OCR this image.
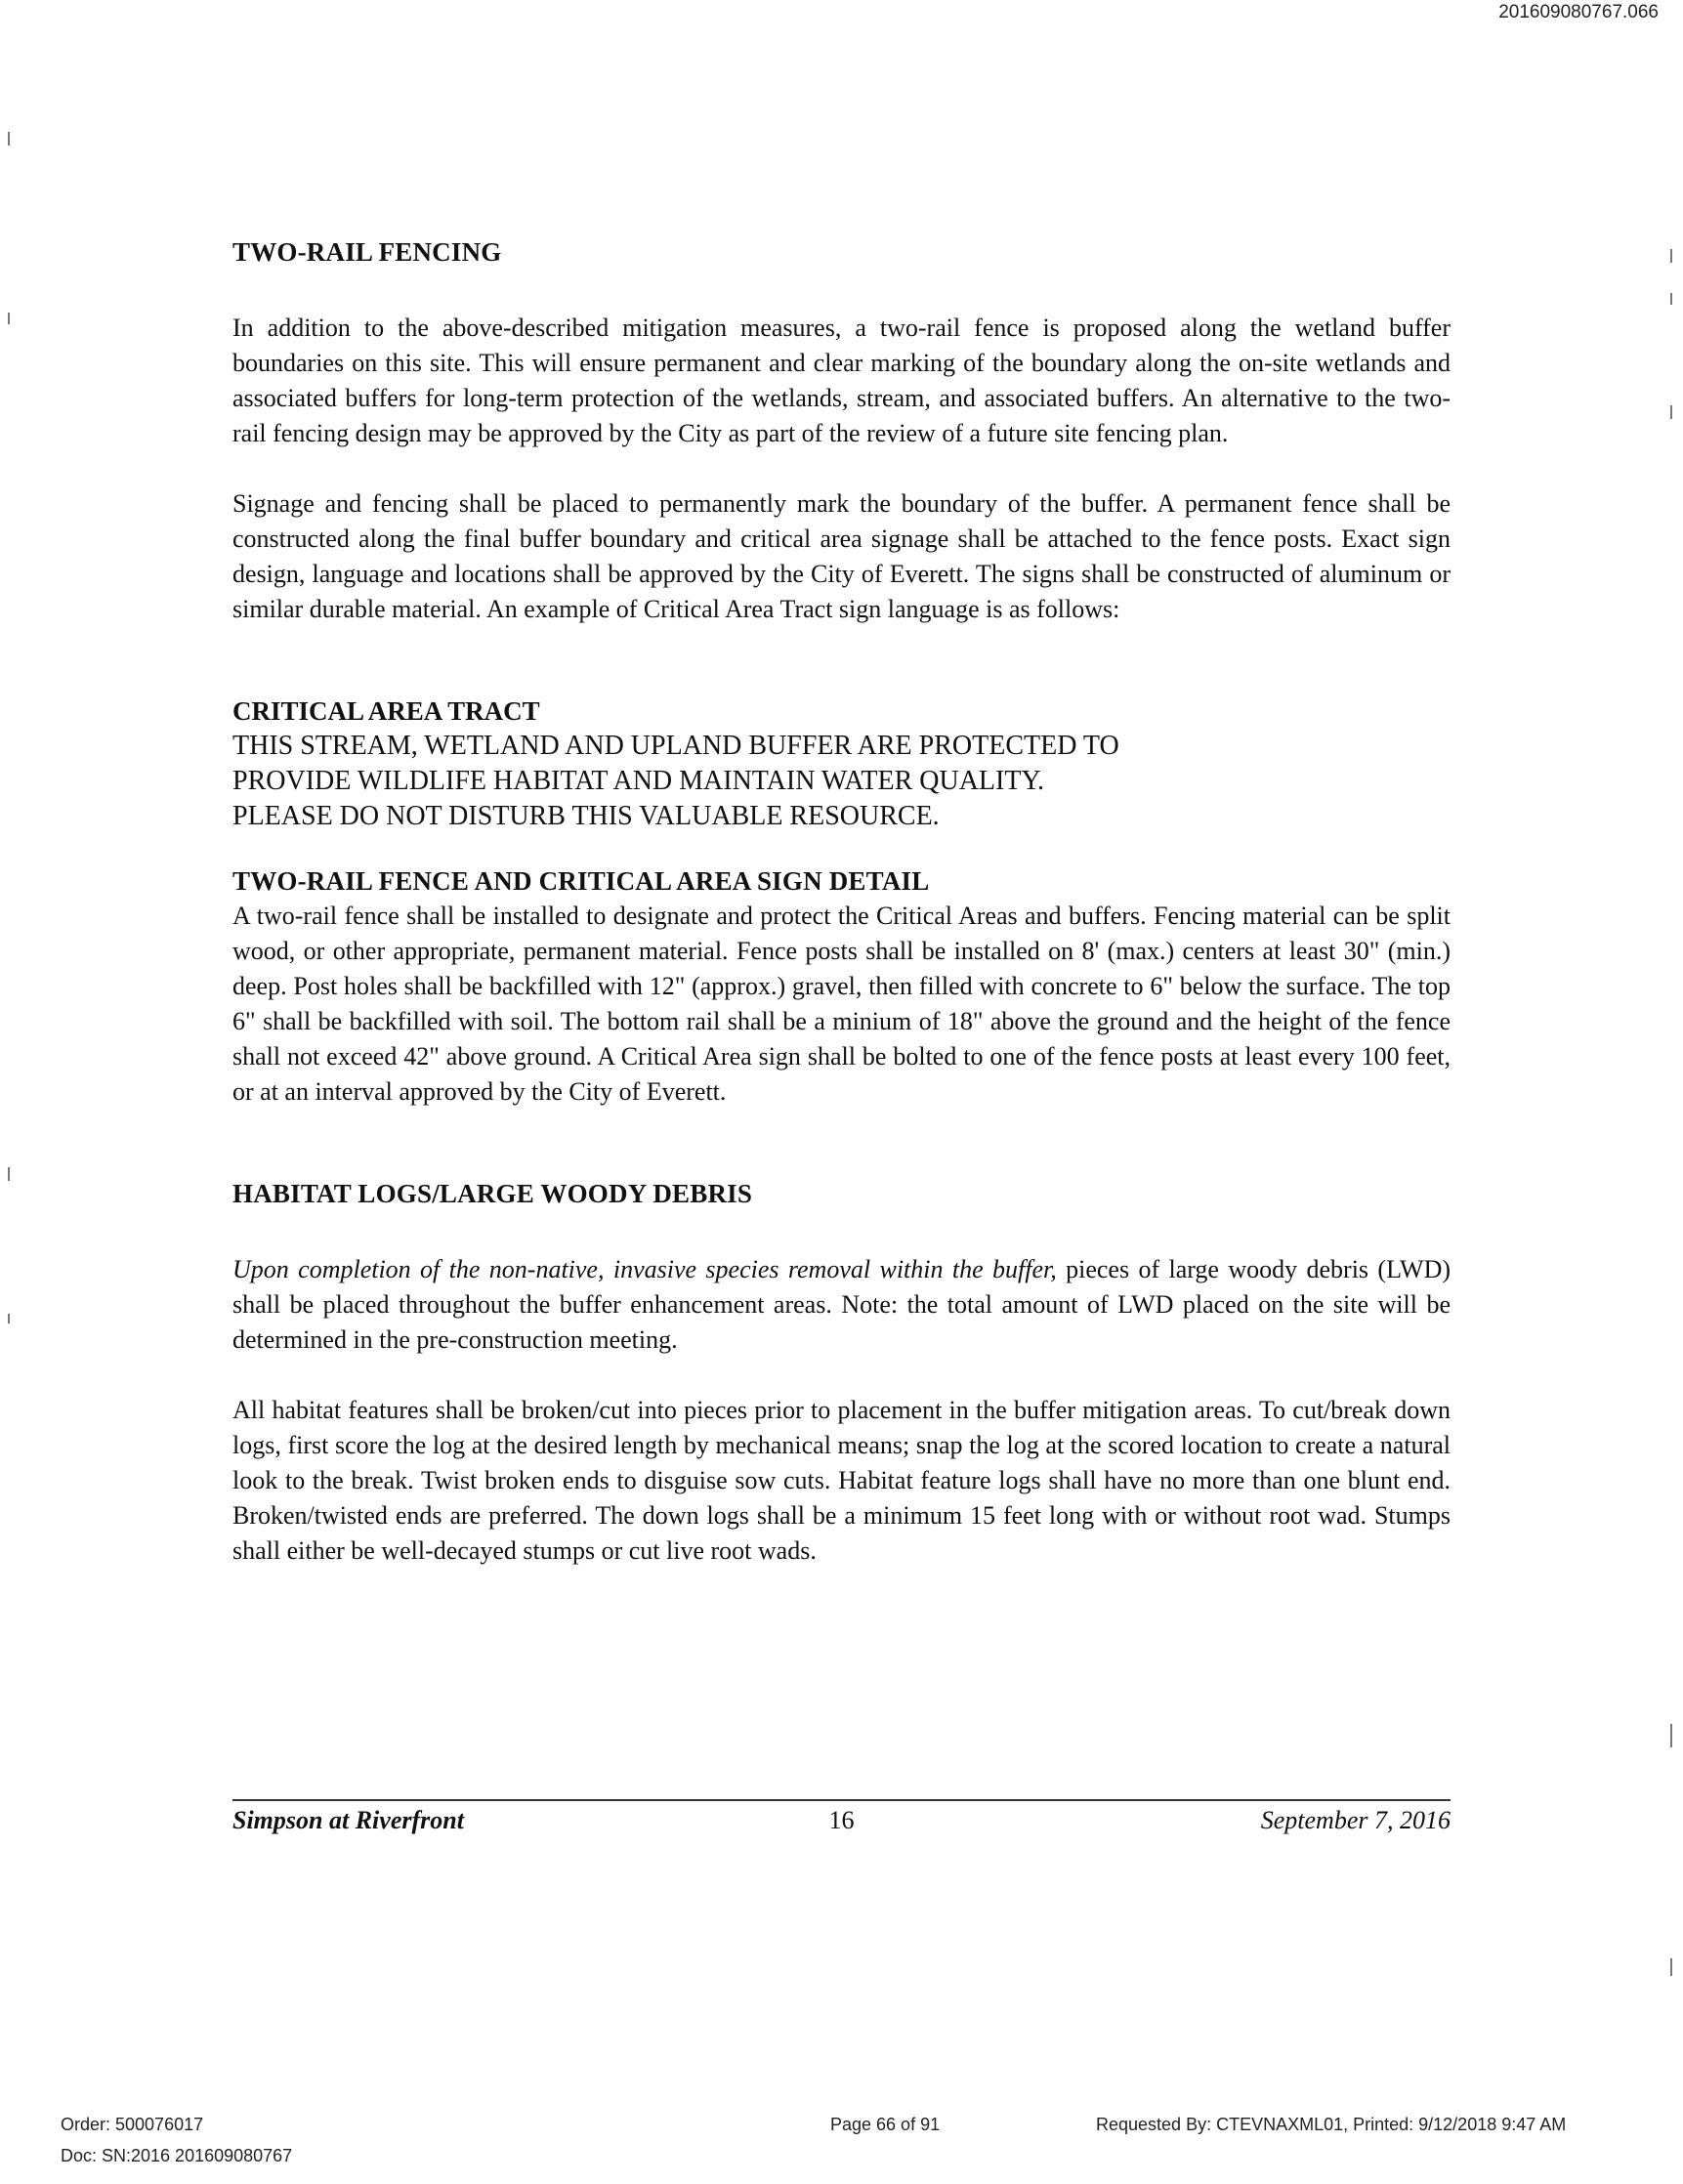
201609080767.066
TWO-RAIL FENCING

In addition to the above-described mitigation measures, a two-rail fence is proposed along the wetland buffer boundaries on this site. This will ensure permanent and clear marking of the boundary along the on-site wetlands and associated buffers for long-term protection of the wetlands, stream, and associated buffers. An alternative to the two-rail fencing design may be approved by the City as part of the review of a future site fencing plan.

Signage and fencing shall be placed to permanently mark the boundary of the buffer. A permanent fence shall be constructed along the final buffer boundary and critical area signage shall be attached to the fence posts. Exact sign design, language and locations shall be approved by the City of Everett. The signs shall be constructed of aluminum or similar durable material. An example of Critical Area Tract sign language is as follows:

CRITICAL AREA TRACT
THIS STREAM, WETLAND AND UPLAND BUFFER ARE PROTECTED TO
PROVIDE WILDLIFE HABITAT AND MAINTAIN WATER QUALITY.
PLEASE DO NOT DISTURB THIS VALUABLE RESOURCE.
TWO-RAIL FENCE AND CRITICAL AREA SIGN DETAIL

A two-rail fence shall be installed to designate and protect the Critical Areas and buffers. Fencing material can be split wood, or other appropriate, permanent material. Fence posts shall be installed on 8' (max.) centers at least 30" (min.) deep. Post holes shall be backfilled with 12" (approx.) gravel, then filled with concrete to 6" below the surface. The top 6" shall be backfilled with soil. The bottom rail shall be a minium of 18" above the ground and the height of the fence shall not exceed 42" above ground. A Critical Area sign shall be bolted to one of the fence posts at least every 100 feet, or at an interval approved by the City of Everett.

HABITAT LOGS/LARGE WOODY DEBRIS

Upon completion of the non-native, invasive species removal within the buffer, pieces of large woody debris (LWD) shall be placed throughout the buffer enhancement areas. Note: the total amount of LWD placed on the site will be determined in the pre-construction meeting.

All habitat features shall be broken/cut into pieces prior to placement in the buffer mitigation areas. To cut/break down logs, first score the log at the desired length by mechanical means; snap the log at the scored location to create a natural look to the break. Twist broken ends to disguise sow cuts. Habitat feature logs shall have no more than one blunt end. Broken/twisted ends are preferred. The down logs shall be a minimum 15 feet long with or without root wad. Stumps shall either be well-decayed stumps or cut live root wads.

Simpson at Riverfront	16	September 7, 2016
Order: 500076017
Doc: SN:2016 201609080767
Page 66 of 91	Requested By: CTEVNAXML01, Printed: 9/12/2018 9:47 AM
